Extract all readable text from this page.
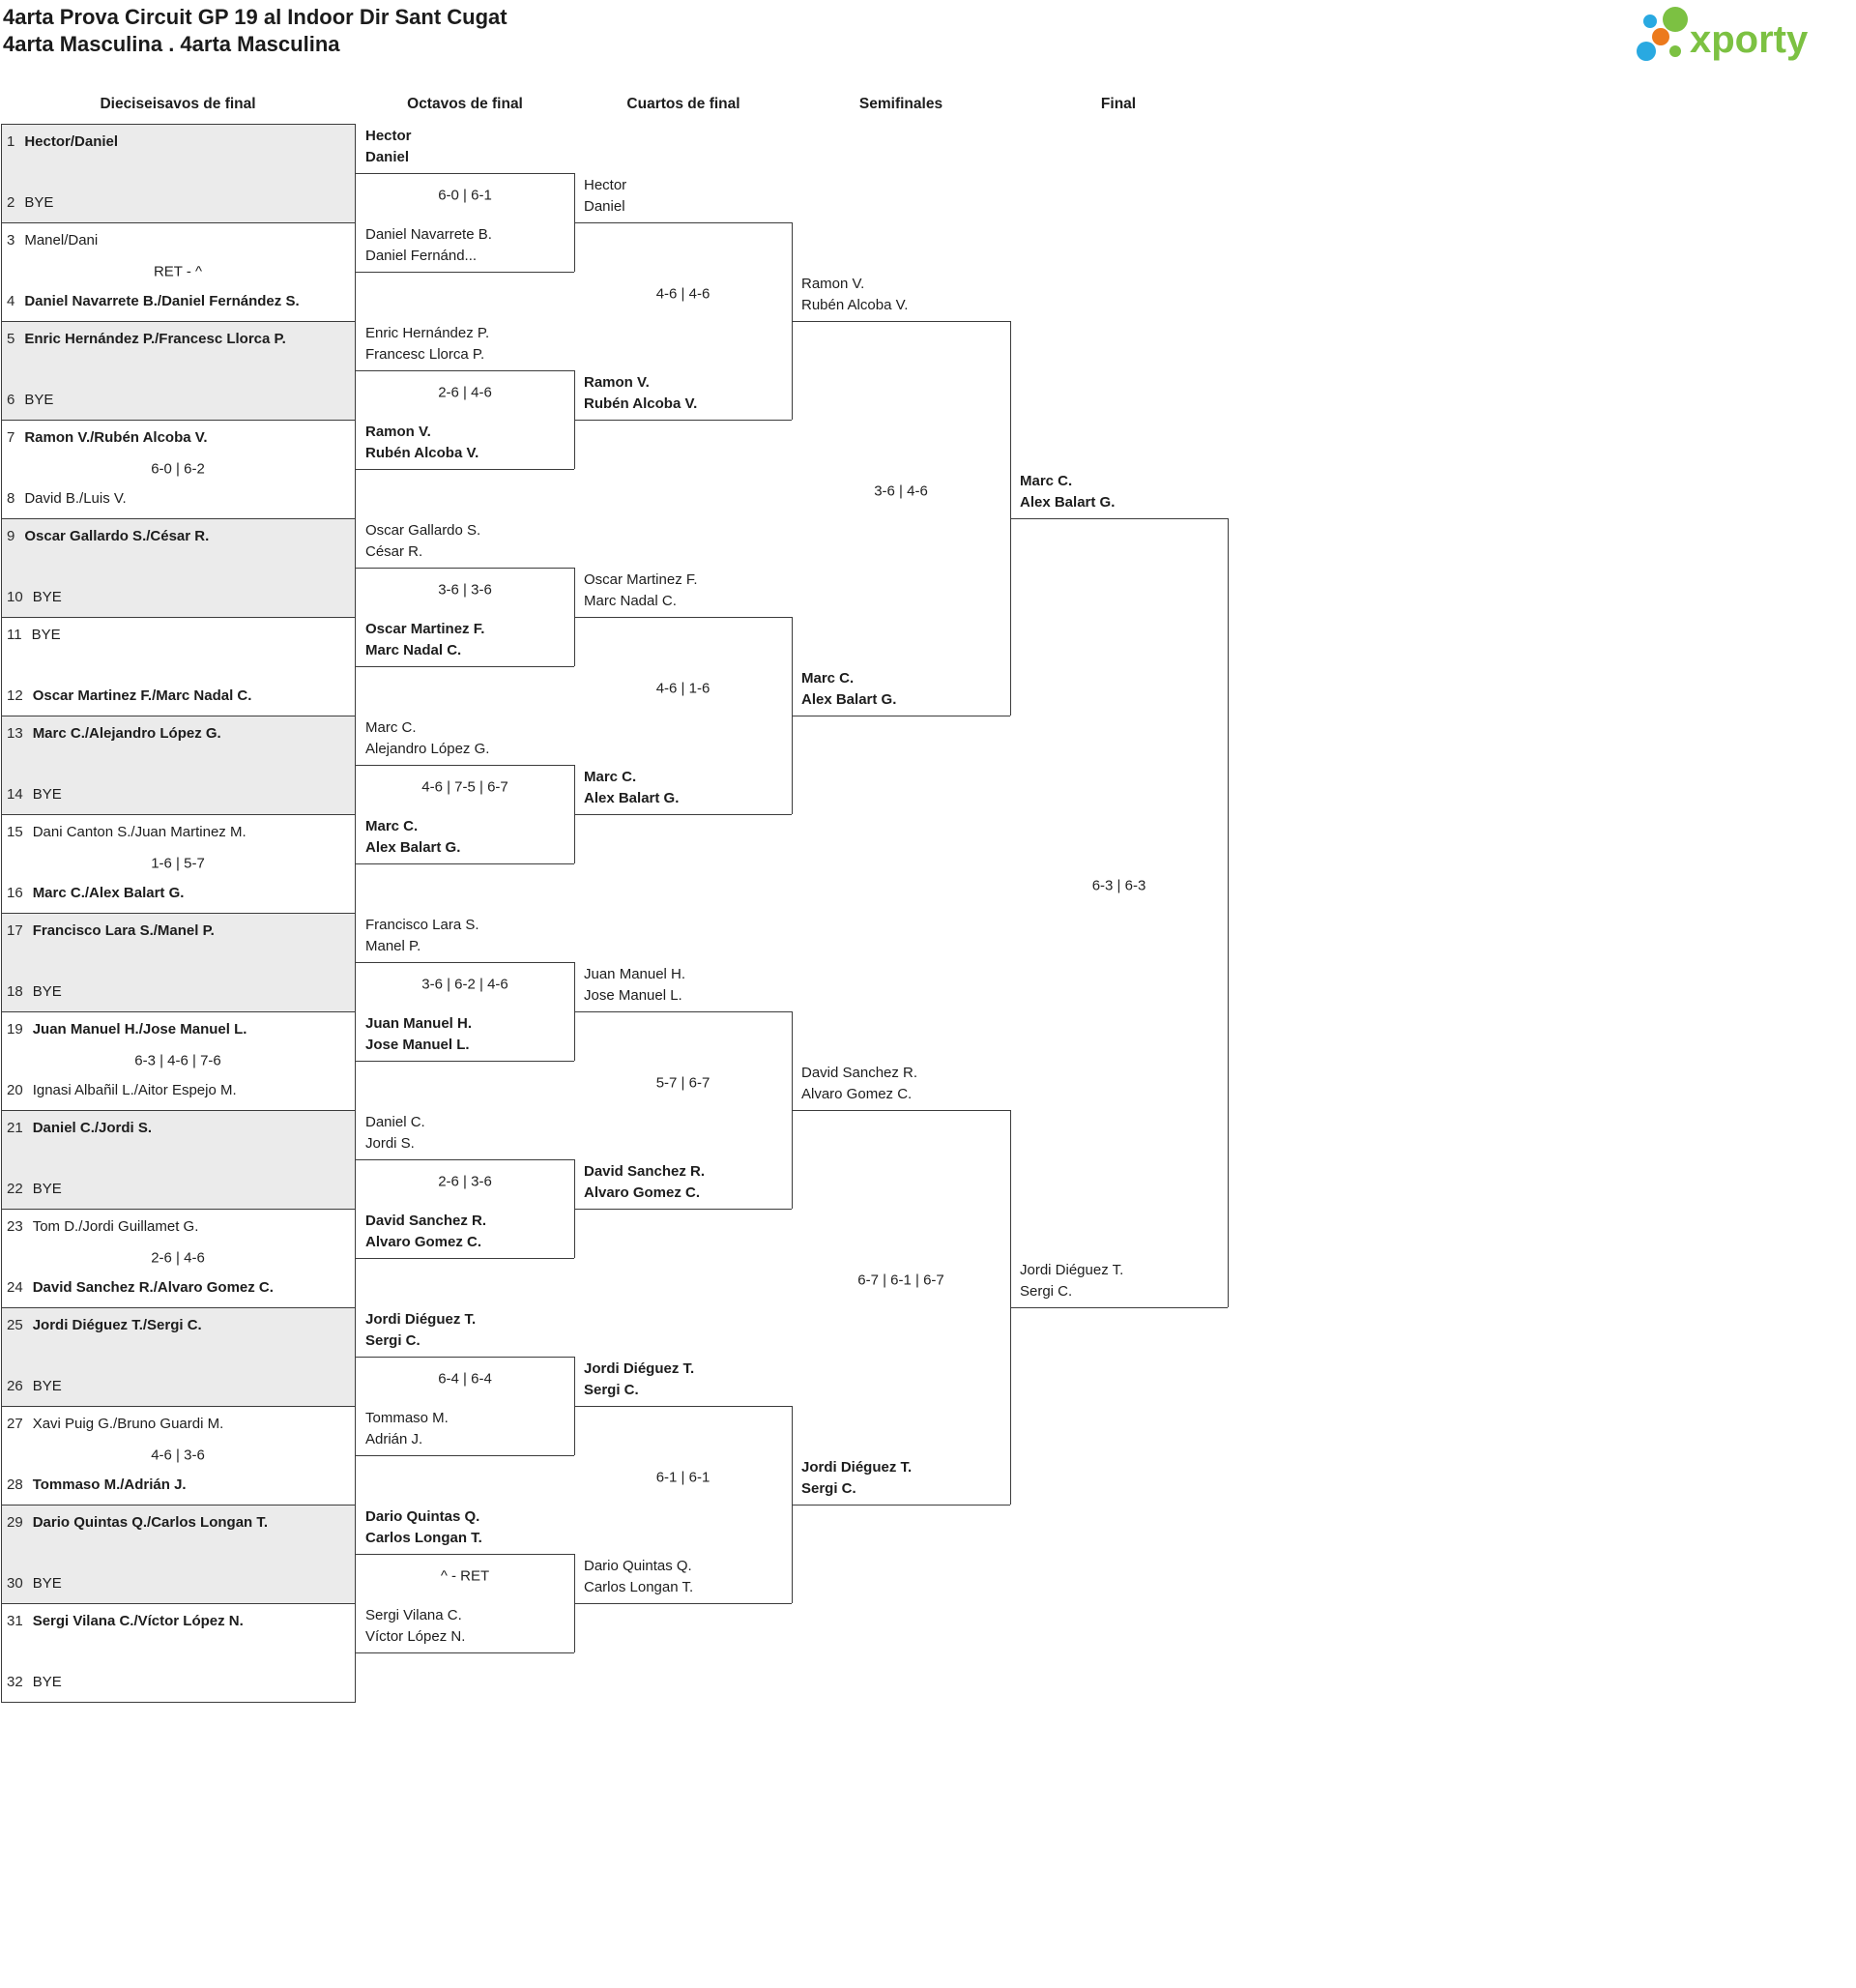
4arta Prova Circuit GP 19 al Indoor Dir Sant Cugat
4arta Masculina . 4arta Masculina	xporty
Dieciseisavos de final	Octavos de final	Cuartos de final	Semifinales	Final
RET - ^
6-0 | 6-2
1-6 | 5-7
6-3 | 4-6 | 7-6
2-6 | 4-6
4-6 | 3-6
1 Hector/Daniel
2 BYE
3 Manel/Dani
4 Daniel Navarrete B./Daniel Fernández S.
5 Enric Hernández P./Francesc Llorca P.
6 BYE
7 Ramon V./Rubén Alcoba V.
8 David B./Luis V.
9 Oscar Gallardo S./César R.
10 BYE
11 BYE
12 Oscar Martinez F./Marc Nadal C.
13 Marc C./Alejandro López G.
14 BYE
15 Dani Canton S./Juan Martinez M.
16 Marc C./Alex Balart G.
17 Francisco Lara S./Manel P.
18 BYE
19 Juan Manuel H./Jose Manuel L.
20 Ignasi Albañil L./Aitor Espejo M.
21 Daniel C./Jordi S.
22 BYE
23 Tom D./Jordi Guillamet G.
24 David Sanchez R./Alvaro Gomez C.
25 Jordi Diéguez T./Sergi C.
26 BYE
27 Xavi Puig G./Bruno Guardi M.
28 Tommaso M./Adrián J.
29 Dario Quintas Q./Carlos Longan T.
30 BYE
31 Sergi Vilana C./Víctor López N.
32 BYE
Hector
Daniel
Daniel Navarrete B.
Daniel Fernánd...
6-0 | 6-1
Enric Hernández P.
Francesc Llorca P.
Ramon V.
Rubén Alcoba V.
2-6 | 4-6
Oscar Gallardo S.
César R.
Oscar Martinez F.
Marc Nadal C.
3-6 | 3-6
Marc C.
Alejandro López G.
Marc C.
Alex Balart G.
4-6 | 7-5 | 6-7
Francisco Lara S.
Manel P.
Juan Manuel H.
Jose Manuel L.
3-6 | 6-2 | 4-6
Daniel C.
Jordi S.
David Sanchez R.
Alvaro Gomez C.
2-6 | 3-6
Jordi Diéguez T.
Sergi C.
Tommaso M.
Adrián J.
6-4 | 6-4
Dario Quintas Q.
Carlos Longan T.
Sergi Vilana C.
Víctor López N.
^ - RET
Hector
Daniel
Ramon V.
Rubén Alcoba V.
4-6 | 4-6
Oscar Martinez F.
Marc Nadal C.
Marc C.
Alex Balart G.
4-6 | 1-6
Juan Manuel H.
Jose Manuel L.
David Sanchez R.
Alvaro Gomez C.
5-7 | 6-7
Jordi Diéguez T.
Sergi C.
Dario Quintas Q.
Carlos Longan T.
6-1 | 6-1
Ramon V.
Rubén Alcoba V.
Marc C.
Alex Balart G.
3-6 | 4-6
David Sanchez R.
Alvaro Gomez C.
Jordi Diéguez T.
Sergi C.
6-7 | 6-1 | 6-7
Marc C.
Alex Balart G.
Jordi Diéguez T.
Sergi C.
6-3 | 6-3
